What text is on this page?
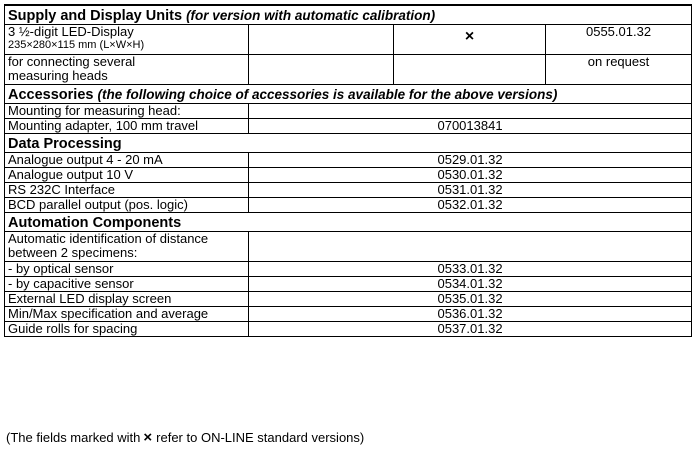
Supply and Display Units (for version with automatic calibration)			

3 ½-digit LED-Display
235×280×115 mm (L×W×H)		×	0555.01.32

for connecting several
measuring heads			on request
Accessories (the following choice of accessories is available for the above versions)			
Mounting for measuring head:			
Mounting adapter, 100 mm travel	070013841		
Data Processing			
Analogue output 4 - 20 mA	0529.01.32		
Analogue output 10 V	0530.01.32		
RS 232C Interface	0531.01.32		
BCD parallel output (pos. logic)	0532.01.32		
Automation Components			

Automatic identification of distance
between 2 specimens:			

- by optical sensor	0533.01.32		
- by capacitive sensor	0534.01.32		
External LED display screen	0535.01.32		
Min/Max specification and average	0536.01.32		
Guide rolls for spacing	0537.01.32		
(The fields marked with × refer to ON-LINE standard versions)
